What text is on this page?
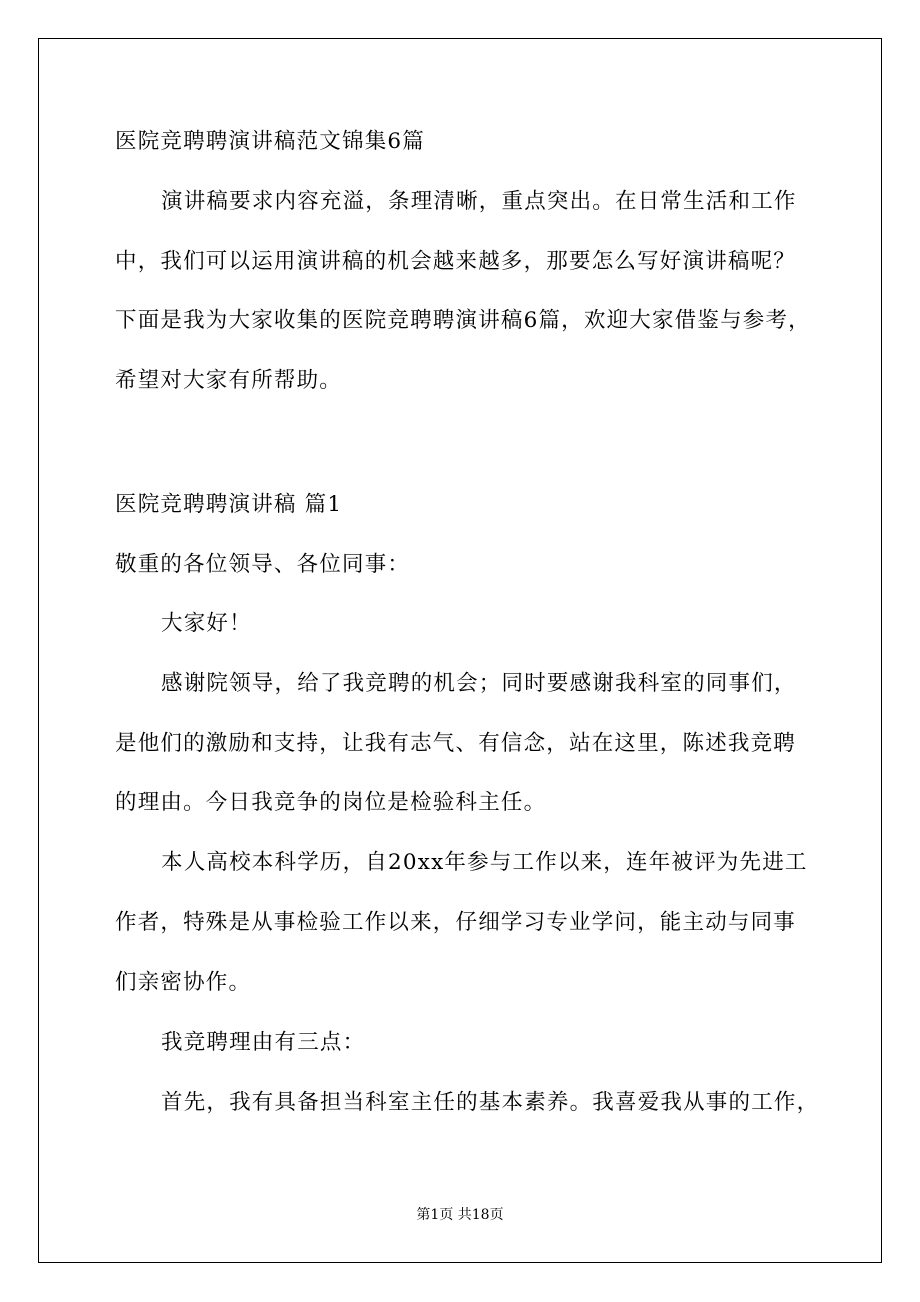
医院竞聘聘演讲稿范文锦集6篇
演讲稿要求内容充溢，条理清晰，重点突出。在日常生活和工作
中，我们可以运用演讲稿的机会越来越多，那要怎么写好演讲稿呢？
下面是我为大家收集的医院竞聘聘演讲稿6篇，欢迎大家借鉴与参考，
希望对大家有所帮助。
医院竞聘聘演讲稿 篇1
敬重的各位领导、各位同事：
大家好！
感谢院领导，给了我竞聘的机会；同时要感谢我科室的同事们，
是他们的激励和支持，让我有志气、有信念，站在这里，陈述我竞聘
的理由。今日我竞争的岗位是检验科主任。
本人高校本科学历，自20xx年参与工作以来，连年被评为先进工
作者，特殊是从事检验工作以来，仔细学习专业学问，能主动与同事
们亲密协作。
我竞聘理由有三点：
首先，我有具备担当科室主任的基本素养。我喜爱我从事的工作，
第1页 共18页
